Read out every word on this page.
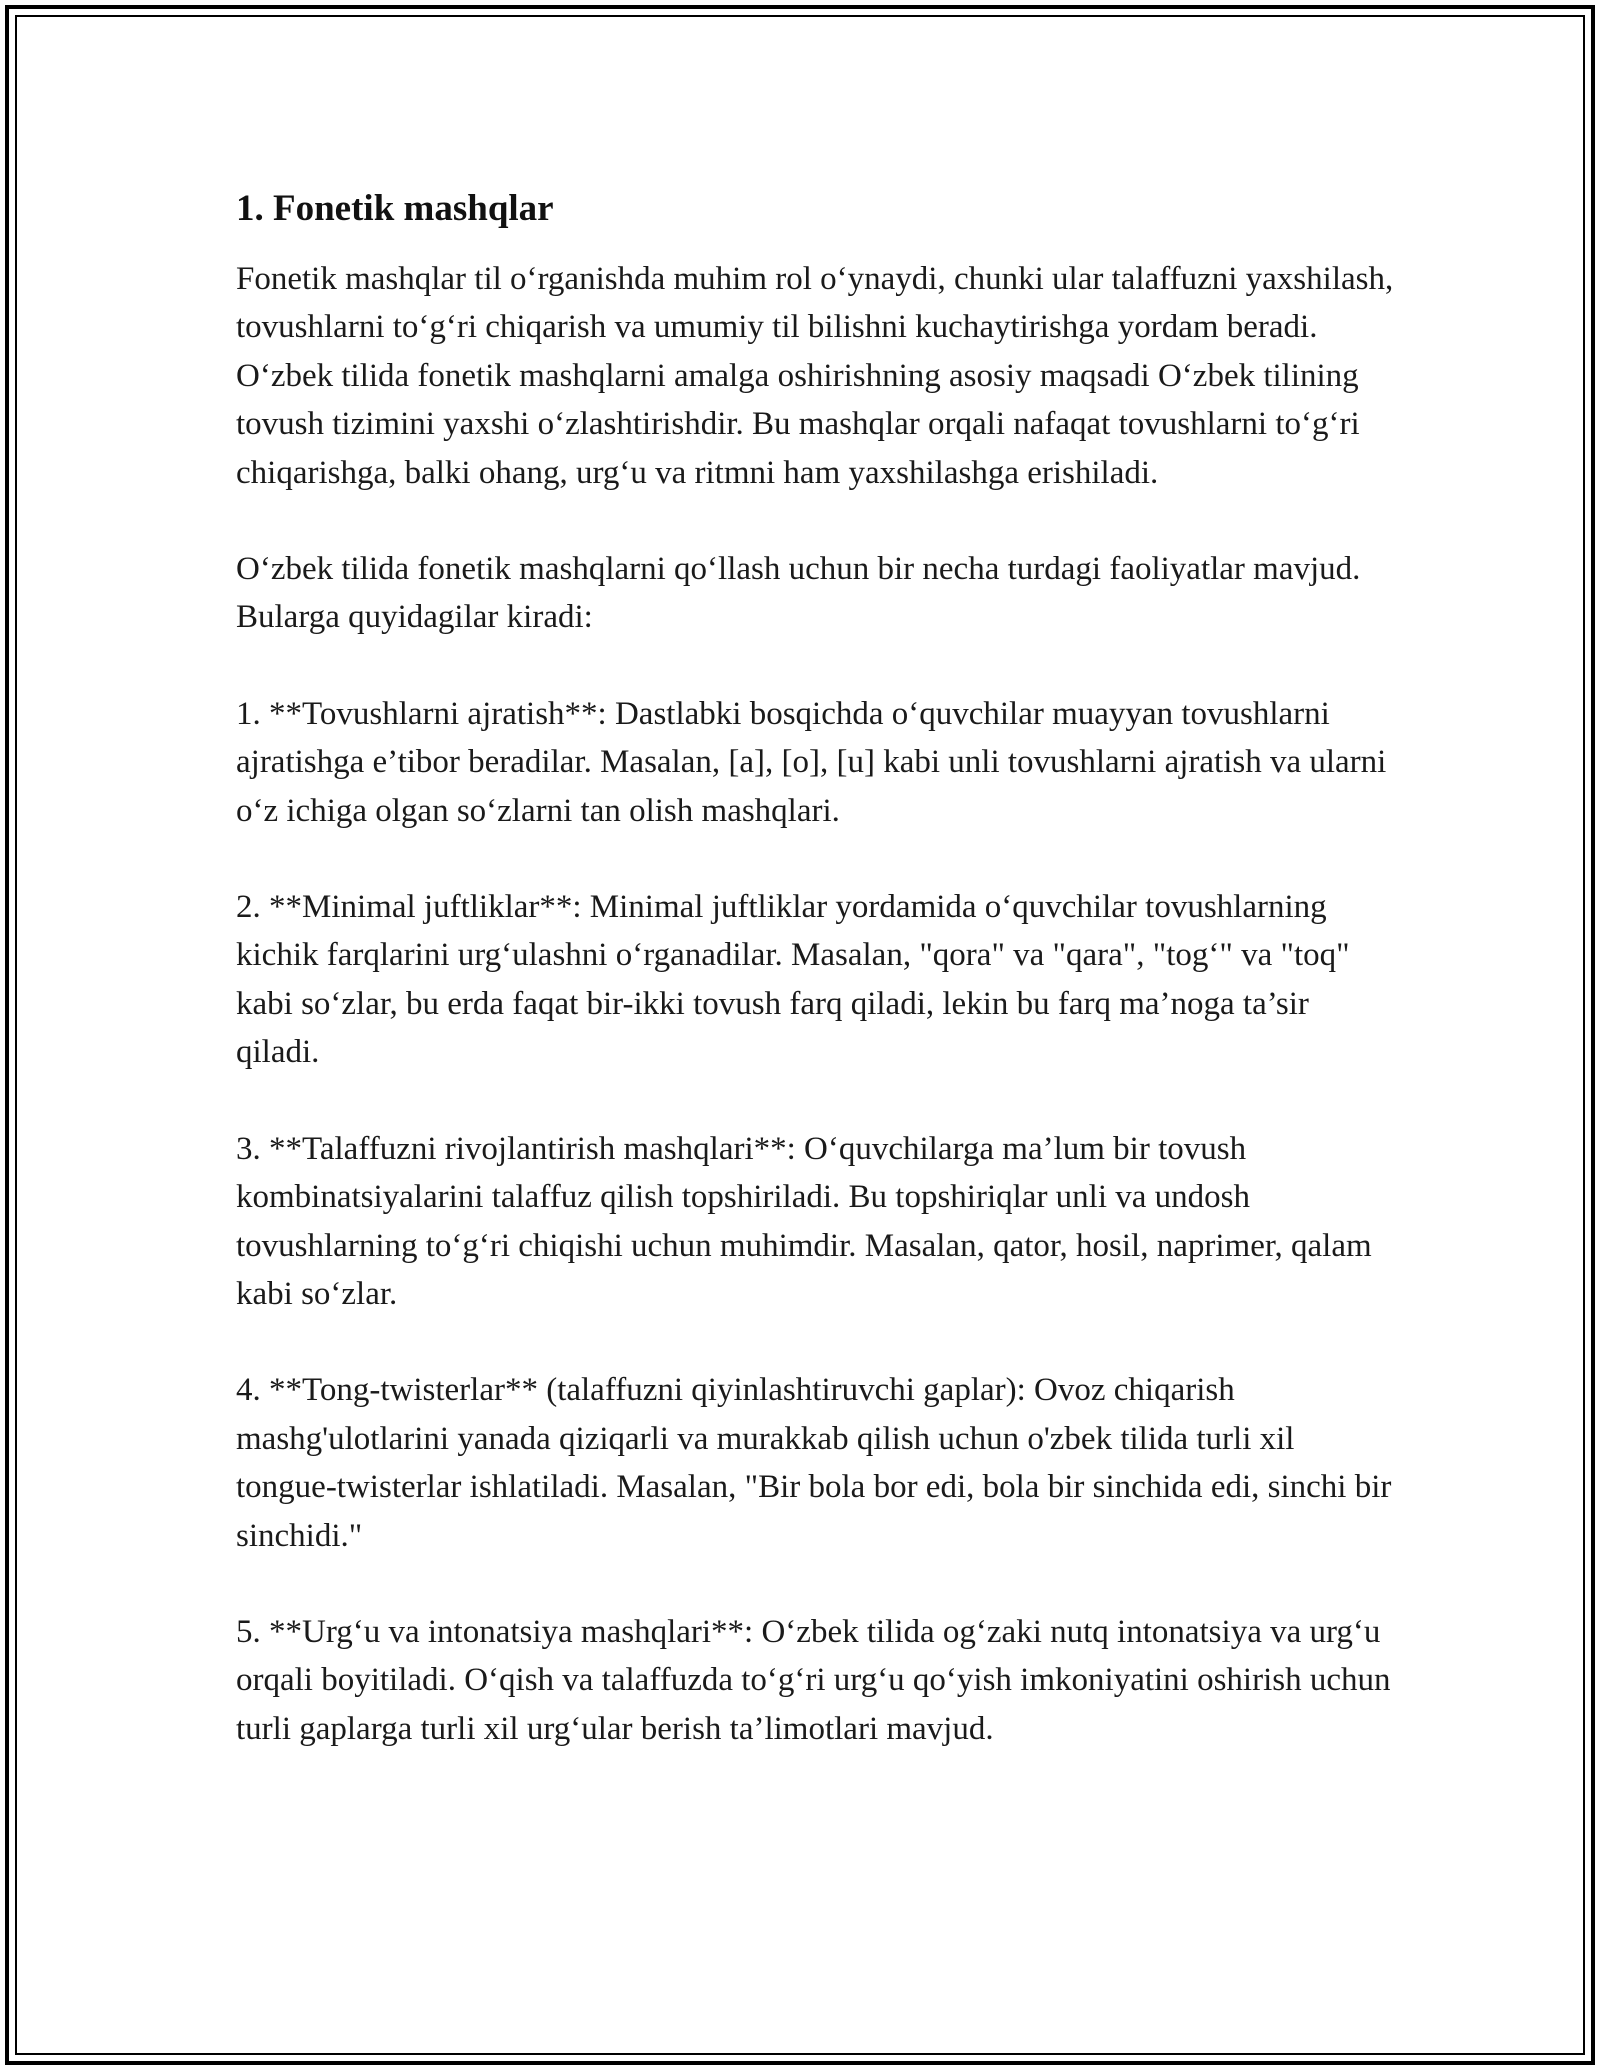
1. Fonetik mashqlar

Fonetik mashqlar til o‘rganishda muhim rol o‘ynaydi, chunki ular talaffuzni yaxshilash, tovushlarni to‘g‘ri chiqarish va umumiy til bilishni kuchaytirishga yordam beradi. O‘zbek tilida fonetik mashqlarni amalga oshirishning asosiy maqsadi O‘zbek tilining tovush tizimini yaxshi o‘zlashtirishdir. Bu mashqlar orqali nafaqat tovushlarni to‘g‘ri chiqarishga, balki ohang, urg‘u va ritmni ham yaxshilashga erishiladi.

O‘zbek tilida fonetik mashqlarni qo‘llash uchun bir necha turdagi faoliyatlar mavjud. Bularga quyidagilar kiradi:

1. **Tovushlarni ajratish**: Dastlabki bosqichda o‘quvchilar muayyan tovushlarni ajratishga e’tibor beradilar. Masalan, [a], [o], [u] kabi unli tovushlarni ajratish va ularni o‘z ichiga olgan so‘zlarni tan olish mashqlari.

2. **Minimal juftliklar**: Minimal juftliklar yordamida o‘quvchilar tovushlarning kichik farqlarini urg‘ulashni o‘rganadilar. Masalan, "qora" va "qara", "tog‘" va "toq" kabi so‘zlar, bu erda faqat bir-ikki tovush farq qiladi, lekin bu farq ma’noga ta’sir qiladi.

3. **Talaffuzni rivojlantirish mashqlari**: O‘quvchilarga ma’lum bir tovush kombinatsiyalarini talaffuz qilish topshiriladi. Bu topshiriqlar unli va undosh tovushlarning to‘g‘ri chiqishi uchun muhimdir. Masalan, qator, hosil, naprimer, qalam kabi so‘zlar.

4. **Tong-twisterlar** (talaffuzni qiyinlashtiruvchi gaplar): Ovoz chiqarish mashg'ulotlarini yanada qiziqarli va murakkab qilish uchun o'zbek tilida turli xil tongue-twisterlar ishlatiladi. Masalan, "Bir bola bor edi, bola bir sinchida edi, sinchi bir sinchidi."

5. **Urg‘u va intonatsiya mashqlari**: O‘zbek tilida og‘zaki nutq intonatsiya va urg‘u orqali boyitiladi. O‘qish va talaffuzda to‘g‘ri urg‘u qo‘yish imkoniyatini oshirish uchun turli gaplarga turli xil urg‘ular berish ta’limotlari mavjud.
